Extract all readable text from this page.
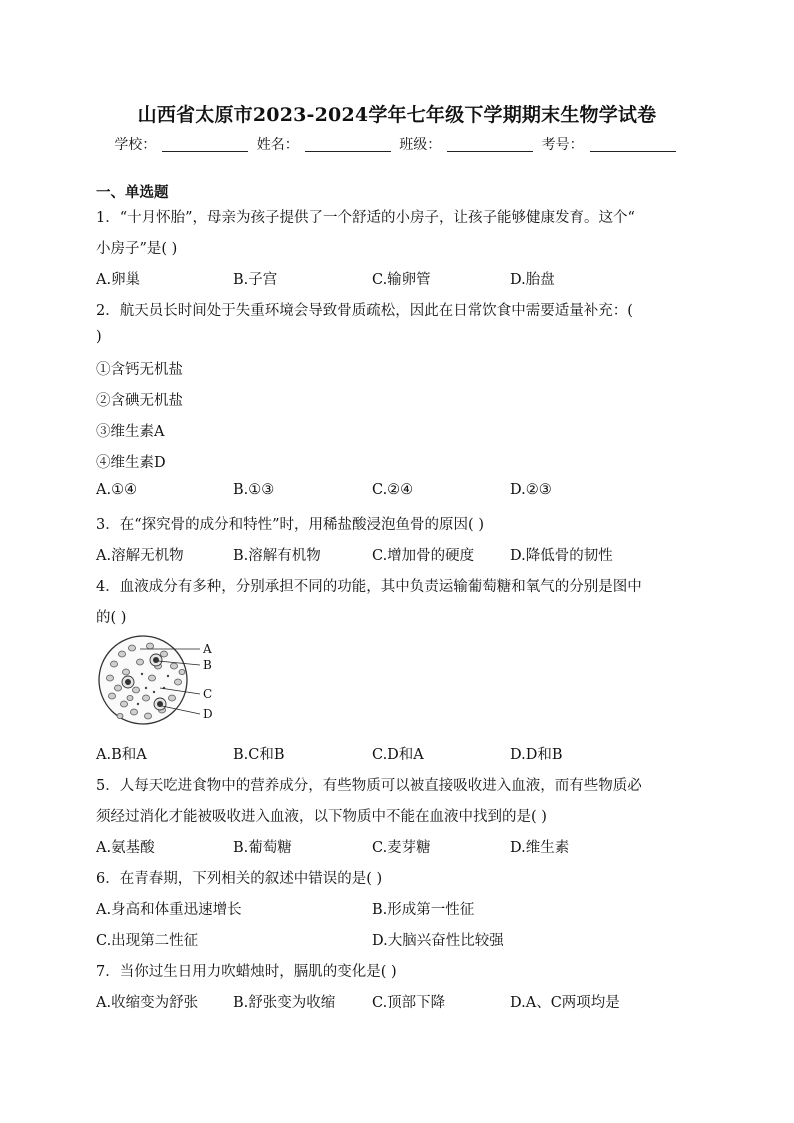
山西省太原市2023-2024学年七年级下学期期末生物学试卷
学校：	姓名：	班级：	考号：
一、单选题
1．“十月怀胎”，母亲为孩子提供了一个舒适的小房子，让孩子能够健康发育。这个“
小房子”是( )
A.卵巢	B.子宫	C.输卵管	D.胎盘
2．航天员长时间处于失重环境会导致骨质疏松，因此在日常饮食中需要适量补充：(
)
①含钙无机盐
②含碘无机盐
③维生素A
④维生素D
A.①④	B.①③	C.②④	D.②③
3．在“探究骨的成分和特性”时，用稀盐酸浸泡鱼骨的原因( )
A.溶解无机物	B.溶解有机物	C.增加骨的硬度 D.降低骨的韧性
4．血液成分有多种，分别承担不同的功能，其中负责运输葡萄糖和氧气的分别是图中
的( )
A
B
C
D
A.B和A	B.C和B	C.D和A	D.D和B
5．人每天吃进食物中的营养成分，有些物质可以被直接吸收进入血液，而有些物质必
须经过消化才能被吸收进入血液，以下物质中不能在血液中找到的是( )
A.氨基酸	B.葡萄糖	C.麦芽糖	D.维生素
6．在青春期，下列相关的叙述中错误的是( )
A.身高和体重迅速增长	B.形成第一性征
C.出现第二性征	D.大脑兴奋性比较强
7．当你过生日用力吹蜡烛时，膈肌的变化是( )
A.收缩变为舒张 B.舒张变为收缩	C.顶部下降	D.A、C两项均是
